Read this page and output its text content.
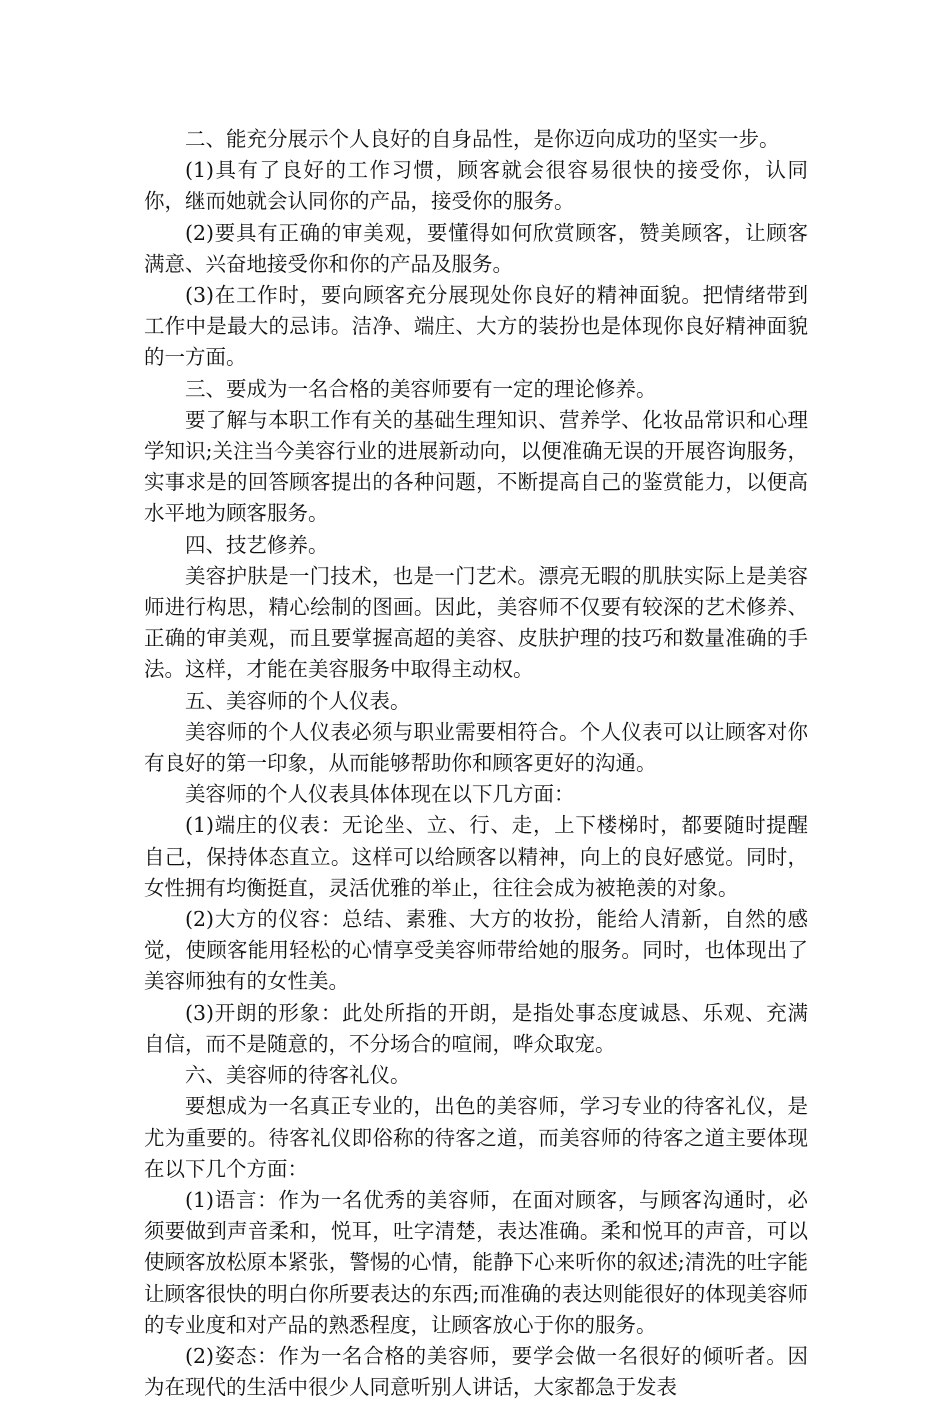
二、能充分展示个人良好的自身品性，是你迈向成功的坚实一步。

(1)具有了良好的工作习惯，顾客就会很容易很快的接受你，认同你，继而她就会认同你的产品，接受你的服务。

(2)要具有正确的审美观，要懂得如何欣赏顾客，赞美顾客，让顾客满意、兴奋地接受你和你的产品及服务。

(3)在工作时，要向顾客充分展现处你良好的精神面貌。把情绪带到工作中是最大的忌讳。洁净、端庄、大方的装扮也是体现你良好精神面貌的一方面。

三、要成为一名合格的美容师要有一定的理论修养。

要了解与本职工作有关的基础生理知识、营养学、化妆品常识和心理学知识;关注当今美容行业的进展新动向，以便准确无误的开展咨询服务，实事求是的回答顾客提出的各种问题，不断提高自己的鉴赏能力，以便高水平地为顾客服务。

四、技艺修养。

美容护肤是一门技术，也是一门艺术。漂亮无暇的肌肤实际上是美容师进行构思，精心绘制的图画。因此，美容师不仅要有较深的艺术修养、正确的审美观，而且要掌握高超的美容、皮肤护理的技巧和数量准确的手法。这样，才能在美容服务中取得主动权。

五、美容师的个人仪表。

美容师的个人仪表必须与职业需要相符合。个人仪表可以让顾客对你有良好的第一印象，从而能够帮助你和顾客更好的沟通。

美容师的个人仪表具体体现在以下几方面：

(1)端庄的仪表：无论坐、立、行、走，上下楼梯时，都要随时提醒自己，保持体态直立。这样可以给顾客以精神，向上的良好感觉。同时，女性拥有均衡挺直，灵活优雅的举止，往往会成为被艳羡的对象。

(2)大方的仪容：总结、素雅、大方的妆扮，能给人清新，自然的感觉，使顾客能用轻松的心情享受美容师带给她的服务。同时，也体现出了美容师独有的女性美。

(3)开朗的形象：此处所指的开朗，是指处事态度诚恳、乐观、充满自信，而不是随意的，不分场合的喧闹，哗众取宠。

六、美容师的待客礼仪。

要想成为一名真正专业的，出色的美容师，学习专业的待客礼仪，是尤为重要的。待客礼仪即俗称的待客之道，而美容师的待客之道主要体现在以下几个方面：

(1)语言：作为一名优秀的美容师，在面对顾客，与顾客沟通时，必须要做到声音柔和，悦耳，吐字清楚，表达准确。柔和悦耳的声音，可以使顾客放松原本紧张，警惕的心情，能静下心来听你的叙述;清洗的吐字能让顾客很快的明白你所要表达的东西;而准确的表达则能很好的体现美容师的专业度和对产品的熟悉程度，让顾客放心于你的服务。

(2)姿态：作为一名合格的美容师，要学会做一名很好的倾听者。因为在现代的生活中很少人同意听别人讲话，大家都急于发表
